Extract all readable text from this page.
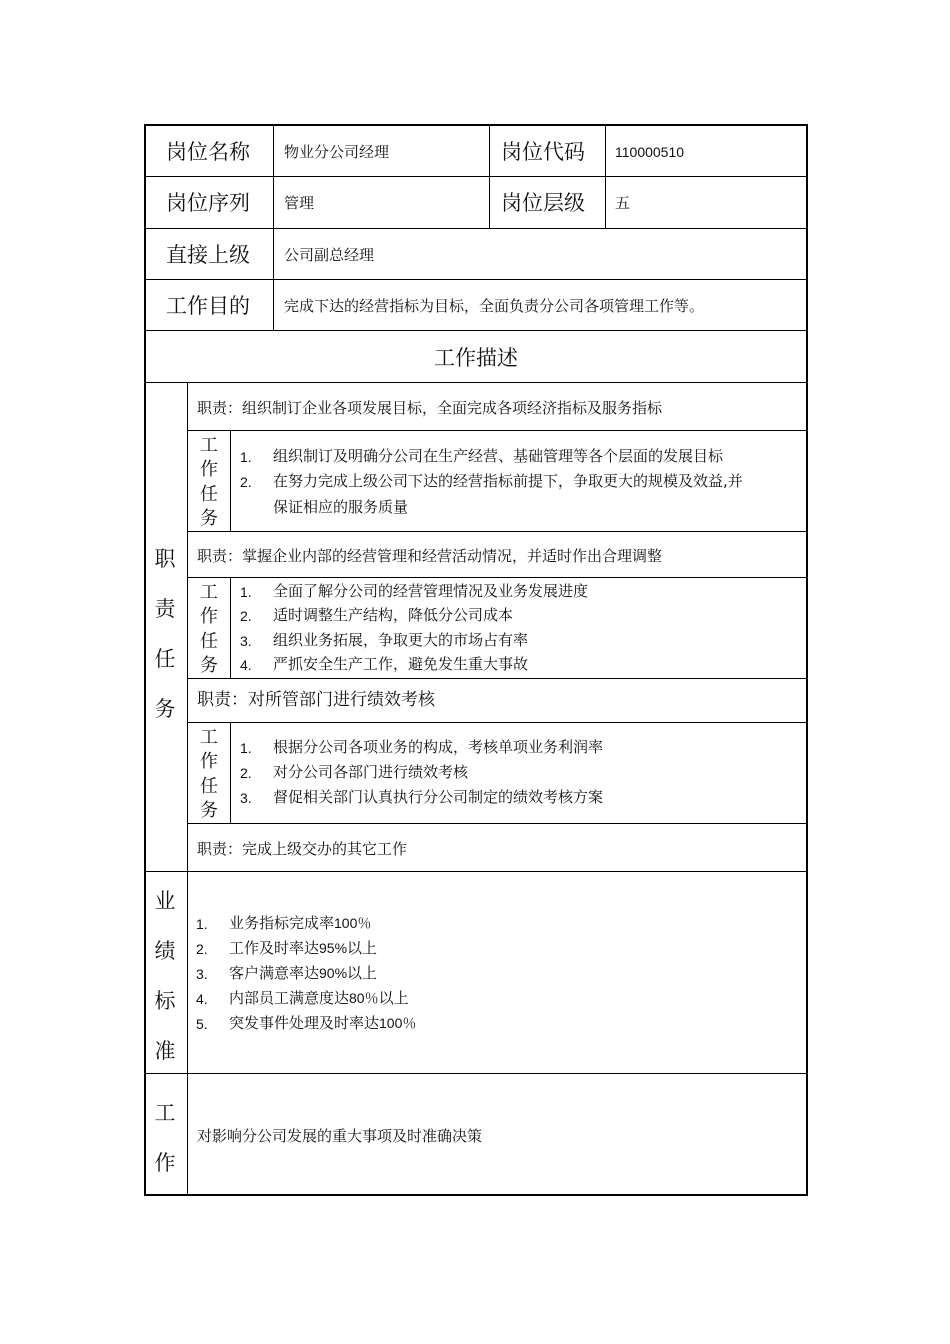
岗位名称 物业分公司经理	岗位代码 110000510
岗位序列 管理	岗位层级 五
直接上级 公司副总经理
工作目的 完成下达的经营指标为目标，全面负责分公司各项管理工作等。
工作描述
职
责
任
务
职责：组织制订企业各项发展目标，全面完成各项经济指标及服务指标
工
作
任
务
1. 组织制订及明确分公司在生产经营、基础管理等各个层面的发展目标
2. 在努力完成上级公司下达的经营指标前提下，争取更大的规模及效益,并
保证相应的服务质量
职责：掌握企业内部的经营管理和经营活动情况，并适时作出合理调整
工
作
任
务
1. 全面了解分公司的经营管理情况及业务发展进度
2. 适时调整生产结构，降低分公司成本
3. 组织业务拓展，争取更大的市场占有率
4. 严抓安全生产工作，避免发生重大事故
职责：对所管部门进行绩效考核
工
作
任
务
1. 根据分公司各项业务的构成，考核单项业务利润率
2. 对分公司各部门进行绩效考核
3. 督促相关部门认真执行分公司制定的绩效考核方案
职责：完成上级交办的其它工作
业
绩
标
准
1. 业务指标完成率100％
2. 工作及时率达95%以上
3. 客户满意率达90%以上
4. 内部员工满意度达80％以上
5. 突发事件处理及时率达100％
工
作
对影响分公司发展的重大事项及时准确决策
